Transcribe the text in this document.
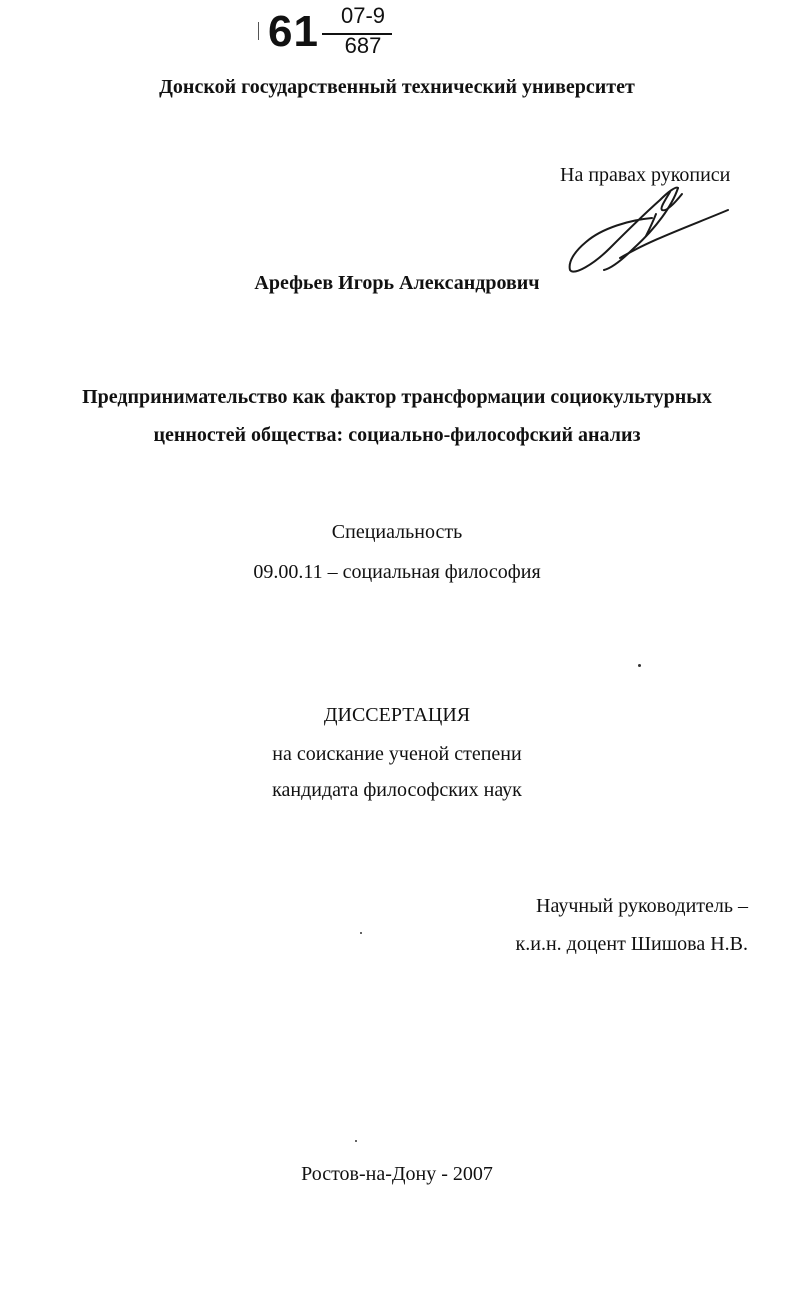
61	07-9
687
Донской государственный технический университет
На правах рукописи
Арефьев Игорь Александрович
Предпринимательство как фактор трансформации социокультурных
ценностей общества: социально-философский анализ
Специальность
09.00.11 – социальная философия
ДИССЕРТАЦИЯ
на соискание ученой степени
кандидата философских наук
Научный руководитель –
к.и.н. доцент Шишова Н.В.
Ростов-на-Дону - 2007
